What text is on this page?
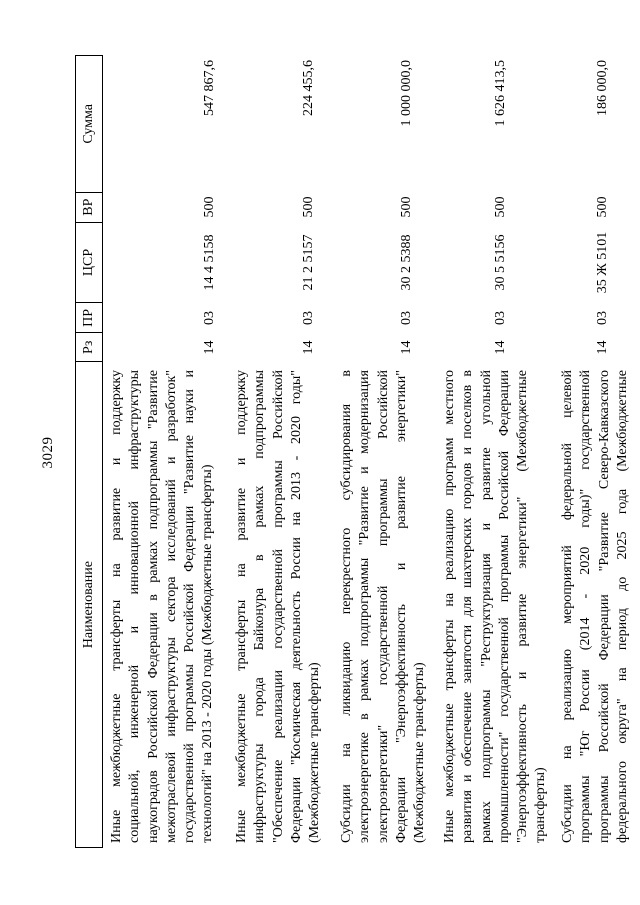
3029
Наименование
Рз
ПР
ЦСР
ВР
Сумма
Иные межбюджетные трансферты на развитие и поддержку социальной, инженерной и инновационной инфраструктуры наукоградов Российской Федерации в рамках подпрограммы "Развитие межотраслевой инфраструктуры сектора исследований и разработок" государственной программы Российской Федерации "Развитие науки и технологий" на 2013 - 2020 годы (Межбюджетные трансферты)
14
03
14 4 5158
500
547 867,6
Иные межбюджетные трансферты на развитие и поддержку инфраструктуры города Байконура в рамках подпрограммы "Обеспечение реализации государственной программы Российской Федерации "Космическая деятельность России на 2013 - 2020 годы" (Межбюджетные трансферты)
14
03
21 2 5157
500
224 455,6
Субсидии на ликвидацию перекрестного субсидирования в электроэнергетике в рамках подпрограммы "Развитие и модернизация электроэнергетики" государственной программы Российской Федерации "Энергоэффективность и развитие энергетики" (Межбюджетные трансферты)
14
03
30 2 5388
500
1 000 000,0
Иные межбюджетные трансферты на реализацию программ местного развития и обеспечение занятости для шахтерских городов и поселков в рамках подпрограммы "Реструктуризация и развитие угольной промышленности" государственной программы Российской Федерации "Энергоэффективность и развитие энергетики" (Межбюджетные трансферты)
14
03
30 5 5156
500
1 626 413,5
Субсидии на реализацию мероприятий федеральной целевой программы "Юг России (2014 - 2020 годы)" государственной программы Российской Федерации "Развитие Северо-Кавказского федерального округа" на период до 2025 года (Межбюджетные
14
03
35 Ж 5101
500
186 000,0
